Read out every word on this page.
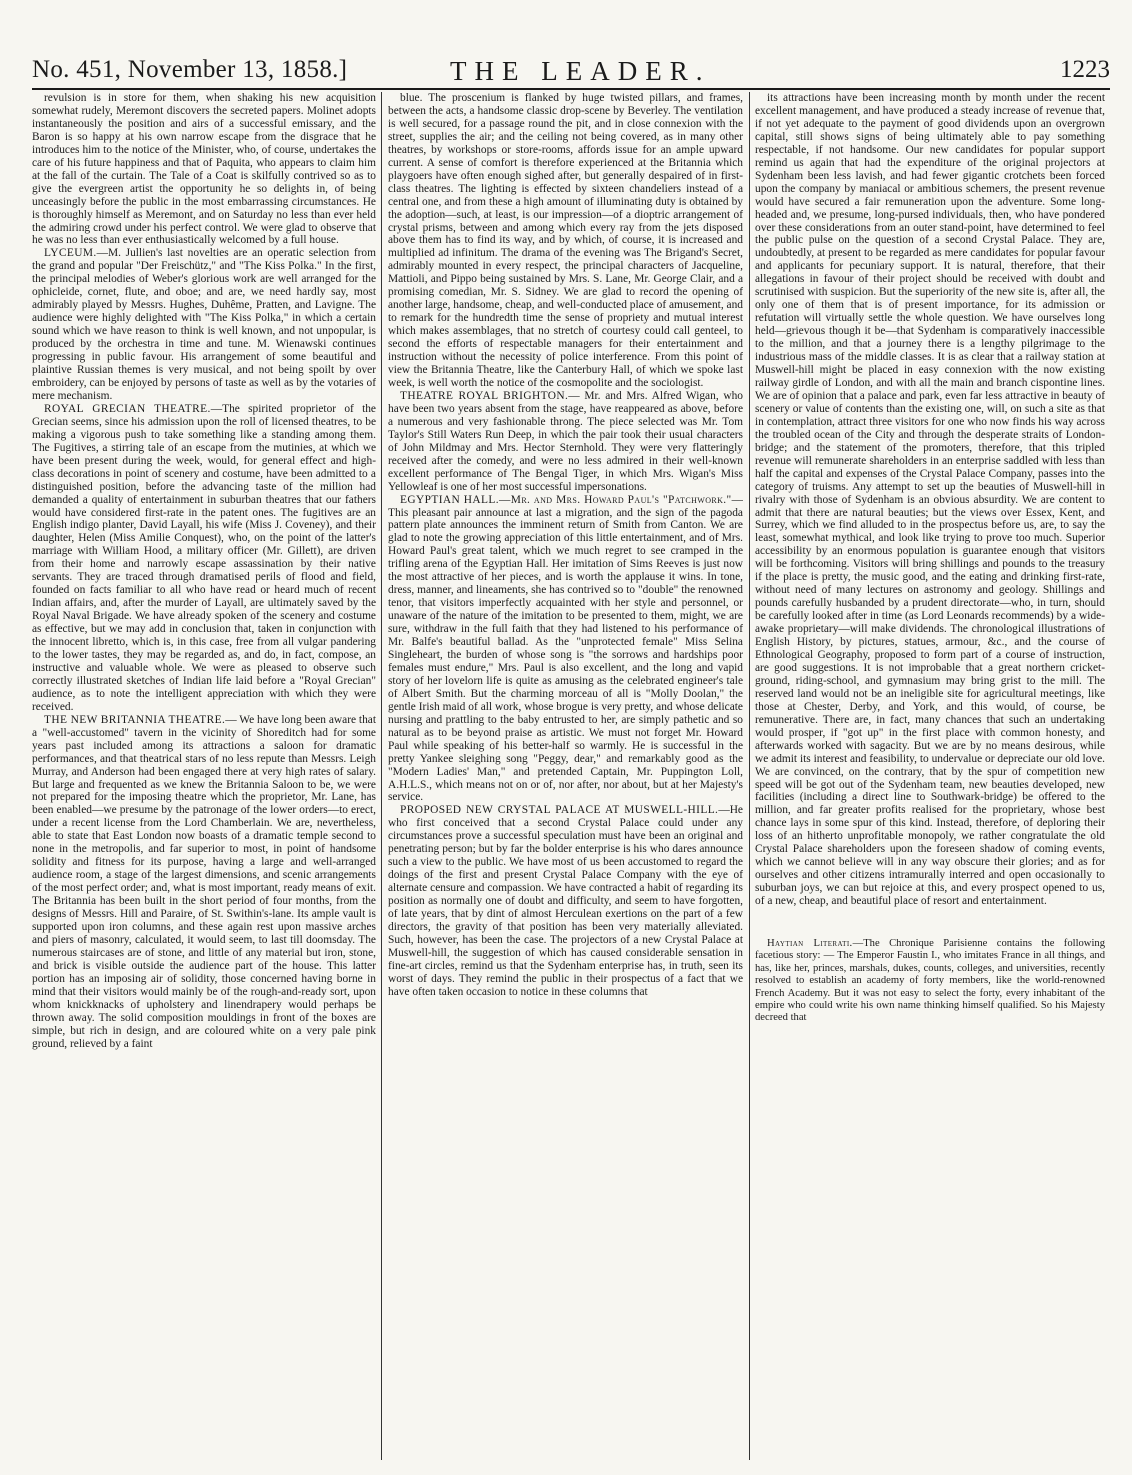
No. 451, November 13, 1858.]	THE LEADER.	1223

revulsion is in store for them, when shaking his new acquisition somewhat rudely, Meremont discovers the secreted papers. Molinet adopts instantaneously the position and airs of a successful emissary, and the Baron is so happy at his own narrow escape from the disgrace that he introduces him to the notice of the Minister, who, of course, undertakes the care of his future happiness and that of Paquita, who appears to claim him at the fall of the curtain. The Tale of a Coat is skilfully contrived so as to give the evergreen artist the opportunity he so delights in, of being unceasingly before the public in the most embarrassing circumstances. He is thoroughly himself as Meremont, and on Saturday no less than ever held the admiring crowd under his perfect control. We were glad to observe that he was no less than ever enthusiastically welcomed by a full house.

LYCEUM.—M. Jullien's last novelties are an operatic selection from the grand and popular "Der Freischütz," and "The Kiss Polka." In the first, the principal melodies of Weber's glorious work are well arranged for the ophicleide, cornet, flute, and oboe; and are, we need hardly say, most admirably played by Messrs. Hughes, Duhême, Pratten, and Lavigne. The audience were highly delighted with "The Kiss Polka," in which a certain sound which we have reason to think is well known, and not unpopular, is produced by the orchestra in time and tune. M. Wienawski continues progressing in public favour. His arrangement of some beautiful and plaintive Russian themes is very musical, and not being spoilt by over embroidery, can be enjoyed by persons of taste as well as by the votaries of mere mechanism.

ROYAL GRECIAN THEATRE.—The spirited proprietor of the Grecian seems, since his admission upon the roll of licensed theatres, to be making a vigorous push to take something like a standing among them. The Fugitives, a stirring tale of an escape from the mutinies, at which we have been present during the week, would, for general effect and high-class decorations in point of scenery and costume, have been admitted to a distinguished position, before the advancing taste of the million had demanded a quality of entertainment in suburban theatres that our fathers would have considered first-rate in the patent ones. The fugitives are an English indigo planter, David Layall, his wife (Miss J. Coveney), and their daughter, Helen (Miss Amilie Conquest), who, on the point of the latter's marriage with William Hood, a military officer (Mr. Gillett), are driven from their home and narrowly escape assassination by their native servants. They are traced through dramatised perils of flood and field, founded on facts familiar to all who have read or heard much of recent Indian affairs, and, after the murder of Layall, are ultimately saved by the Royal Naval Brigade. We have already spoken of the scenery and costume as effective, but we may add in conclusion that, taken in conjunction with the innocent libretto, which is, in this case, free from all vulgar pandering to the lower tastes, they may be regarded as, and do, in fact, compose, an instructive and valuable whole. We were as pleased to observe such correctly illustrated sketches of Indian life laid before a "Royal Grecian" audience, as to note the intelligent appreciation with which they were received.

THE NEW BRITANNIA THEATRE.— We have long been aware that a "well-accustomed" tavern in the vicinity of Shoreditch had for some years past included among its attractions a saloon for dramatic performances, and that theatrical stars of no less repute than Messrs. Leigh Murray, and Anderson had been engaged there at very high rates of salary. But large and frequented as we knew the Britannia Saloon to be, we were not prepared for the imposing theatre which the proprietor, Mr. Lane, has been enabled—we presume by the patronage of the lower orders—to erect, under a recent license from the Lord Chamberlain. We are, nevertheless, able to state that East London now boasts of a dramatic temple second to none in the metropolis, and far superior to most, in point of handsome solidity and fitness for its purpose, having a large and well-arranged audience room, a stage of the largest dimensions, and scenic arrangements of the most perfect order; and, what is most important, ready means of exit. The Britannia has been built in the short period of four months, from the designs of Messrs. Hill and Paraire, of St. Swithin's-lane. Its ample vault is supported upon iron columns, and these again rest upon massive arches and piers of masonry, calculated, it would seem, to last till doomsday. The numerous staircases are of stone, and little of any material but iron, stone, and brick is visible outside the audience part of the house. This latter portion has an imposing air of solidity, those concerned having borne in mind that their visitors would mainly be of the rough-and-ready sort, upon whom knickknacks of upholstery and linendrapery would perhaps be thrown away. The solid composition mouldings in front of the boxes are simple, but rich in design, and are coloured white on a very pale pink ground, relieved by a faint

blue. The proscenium is flanked by huge twisted pillars, and frames, between the acts, a handsome classic drop-scene by Beverley. The ventilation is well secured, for a passage round the pit, and in close connexion with the street, supplies the air; and the ceiling not being covered, as in many other theatres, by workshops or store-rooms, affords issue for an ample upward current. A sense of comfort is therefore experienced at the Britannia which playgoers have often enough sighed after, but generally despaired of in first-class theatres. The lighting is effected by sixteen chandeliers instead of a central one, and from these a high amount of illuminating duty is obtained by the adoption—such, at least, is our impression—of a dioptric arrangement of crystal prisms, between and among which every ray from the jets disposed above them has to find its way, and by which, of course, it is increased and multiplied ad infinitum. The drama of the evening was The Brigand's Secret, admirably mounted in every respect, the principal characters of Jacqueline, Mattioli, and Pippo being sustained by Mrs. S. Lane, Mr. George Clair, and a promising comedian, Mr. S. Sidney. We are glad to record the opening of another large, handsome, cheap, and well-conducted place of amusement, and to remark for the hundredth time the sense of propriety and mutual interest which makes assemblages, that no stretch of courtesy could call genteel, to second the efforts of respectable managers for their entertainment and instruction without the necessity of police interference. From this point of view the Britannia Theatre, like the Canterbury Hall, of which we spoke last week, is well worth the notice of the cosmopolite and the sociologist.

THEATRE ROYAL BRIGHTON.— Mr. and Mrs. Alfred Wigan, who have been two years absent from the stage, have reappeared as above, before a numerous and very fashionable throng. The piece selected was Mr. Tom Taylor's Still Waters Run Deep, in which the pair took their usual characters of John Mildmay and Mrs. Hector Sternhold. They were very flatteringly received after the comedy, and were no less admired in their well-known excellent performance of The Bengal Tiger, in which Mrs. Wigan's Miss Yellowleaf is one of her most successful impersonations.

EGYPTIAN HALL.—Mr. and Mrs. Howard Paul's "Patchwork."—This pleasant pair announce at last a migration, and the sign of the pagoda pattern plate announces the imminent return of Smith from Canton. We are glad to note the growing appreciation of this little entertainment, and of Mrs. Howard Paul's great talent, which we much regret to see cramped in the trifling arena of the Egyptian Hall. Her imitation of Sims Reeves is just now the most attractive of her pieces, and is worth the applause it wins. In tone, dress, manner, and lineaments, she has contrived so to "double" the renowned tenor, that visitors imperfectly acquainted with her style and personnel, or unaware of the nature of the imitation to be presented to them, might, we are sure, withdraw in the full faith that they had listened to his performance of Mr. Balfe's beautiful ballad. As the "unprotected female" Miss Selina Singleheart, the burden of whose song is "the sorrows and hardships poor females must endure," Mrs. Paul is also excellent, and the long and vapid story of her lovelorn life is quite as amusing as the celebrated engineer's tale of Albert Smith. But the charming morceau of all is "Molly Doolan," the gentle Irish maid of all work, whose brogue is very pretty, and whose delicate nursing and prattling to the baby entrusted to her, are simply pathetic and so natural as to be beyond praise as artistic. We must not forget Mr. Howard Paul while speaking of his better-half so warmly. He is successful in the pretty Yankee sleighing song "Peggy, dear," and remarkably good as the "Modern Ladies' Man," and pretended Captain, Mr. Puppington Loll, A.H.L.S., which means not on or of, nor after, nor about, but at her Majesty's service.

PROPOSED NEW CRYSTAL PALACE AT MUSWELL-HILL.—He who first conceived that a second Crystal Palace could under any circumstances prove a successful speculation must have been an original and penetrating person; but by far the bolder enterprise is his who dares announce such a view to the public. We have most of us been accustomed to regard the doings of the first and present Crystal Palace Company with the eye of alternate censure and compassion. We have contracted a habit of regarding its position as normally one of doubt and difficulty, and seem to have forgotten, of late years, that by dint of almost Herculean exertions on the part of a few directors, the gravity of that position has been very materially alleviated. Such, however, has been the case. The projectors of a new Crystal Palace at Muswell-hill, the suggestion of which has caused considerable sensation in fine-art circles, remind us that the Sydenham enterprise has, in truth, seen its worst of days. They remind the public in their prospectus of a fact that we have often taken occasion to notice in these columns that

its attractions have been increasing month by month under the recent excellent management, and have produced a steady increase of revenue that, if not yet adequate to the payment of good dividends upon an overgrown capital, still shows signs of being ultimately able to pay something respectable, if not handsome. Our new candidates for popular support remind us again that had the expenditure of the original projectors at Sydenham been less lavish, and had fewer gigantic crotchets been forced upon the company by maniacal or ambitious schemers, the present revenue would have secured a fair remuneration upon the adventure. Some long-headed and, we presume, long-pursed individuals, then, who have pondered over these considerations from an outer stand-point, have determined to feel the public pulse on the question of a second Crystal Palace. They are, undoubtedly, at present to be regarded as mere candidates for popular favour and applicants for pecuniary support. It is natural, therefore, that their allegations in favour of their project should be received with doubt and scrutinised with suspicion. But the superiority of the new site is, after all, the only one of them that is of present importance, for its admission or refutation will virtually settle the whole question. We have ourselves long held—grievous though it be—that Sydenham is comparatively inaccessible to the million, and that a journey there is a lengthy pilgrimage to the industrious mass of the middle classes. It is as clear that a railway station at Muswell-hill might be placed in easy connexion with the now existing railway girdle of London, and with all the main and branch cispontine lines. We are of opinion that a palace and park, even far less attractive in beauty of scenery or value of contents than the existing one, will, on such a site as that in contemplation, attract three visitors for one who now finds his way across the troubled ocean of the City and through the desperate straits of London-bridge; and the statement of the promoters, therefore, that this tripled revenue will remunerate shareholders in an enterprise saddled with less than half the capital and expenses of the Crystal Palace Company, passes into the category of truisms. Any attempt to set up the beauties of Muswell-hill in rivalry with those of Sydenham is an obvious absurdity. We are content to admit that there are natural beauties; but the views over Essex, Kent, and Surrey, which we find alluded to in the prospectus before us, are, to say the least, somewhat mythical, and look like trying to prove too much. Superior accessibility by an enormous population is guarantee enough that visitors will be forthcoming. Visitors will bring shillings and pounds to the treasury if the place is pretty, the music good, and the eating and drinking first-rate, without need of many lectures on astronomy and geology. Shillings and pounds carefully husbanded by a prudent directorate—who, in turn, should be carefully looked after in time (as Lord Leonards recommends) by a wide-awake proprietary—will make dividends. The chronological illustrations of English History, by pictures, statues, armour, &c., and the course of Ethnological Geography, proposed to form part of a course of instruction, are good suggestions. It is not improbable that a great northern cricket-ground, riding-school, and gymnasium may bring grist to the mill. The reserved land would not be an ineligible site for agricultural meetings, like those at Chester, Derby, and York, and this would, of course, be remunerative. There are, in fact, many chances that such an undertaking would prosper, if "got up" in the first place with common honesty, and afterwards worked with sagacity. But we are by no means desirous, while we admit its interest and feasibility, to undervalue or depreciate our old love. We are convinced, on the contrary, that by the spur of competition new speed will be got out of the Sydenham team, new beauties developed, new facilities (including a direct line to Southwark-bridge) be offered to the million, and far greater profits realised for the proprietary, whose best chance lays in some spur of this kind. Instead, therefore, of deploring their loss of an hitherto unprofitable monopoly, we rather congratulate the old Crystal Palace shareholders upon the foreseen shadow of coming events, which we cannot believe will in any way obscure their glories; and as for ourselves and other citizens intramurally interred and open occasionally to suburban joys, we can but rejoice at this, and every prospect opened to us, of a new, cheap, and beautiful place of resort and entertainment.

Haytian Literati.—The Chronique Parisienne contains the following facetious story: — The Emperor Faustin I., who imitates France in all things, and has, like her, princes, marshals, dukes, counts, colleges, and universities, recently resolved to establish an academy of forty members, like the world-renowned French Academy. But it was not easy to select the forty, every inhabitant of the empire who could write his own name thinking himself qualified. So his Majesty decreed that
